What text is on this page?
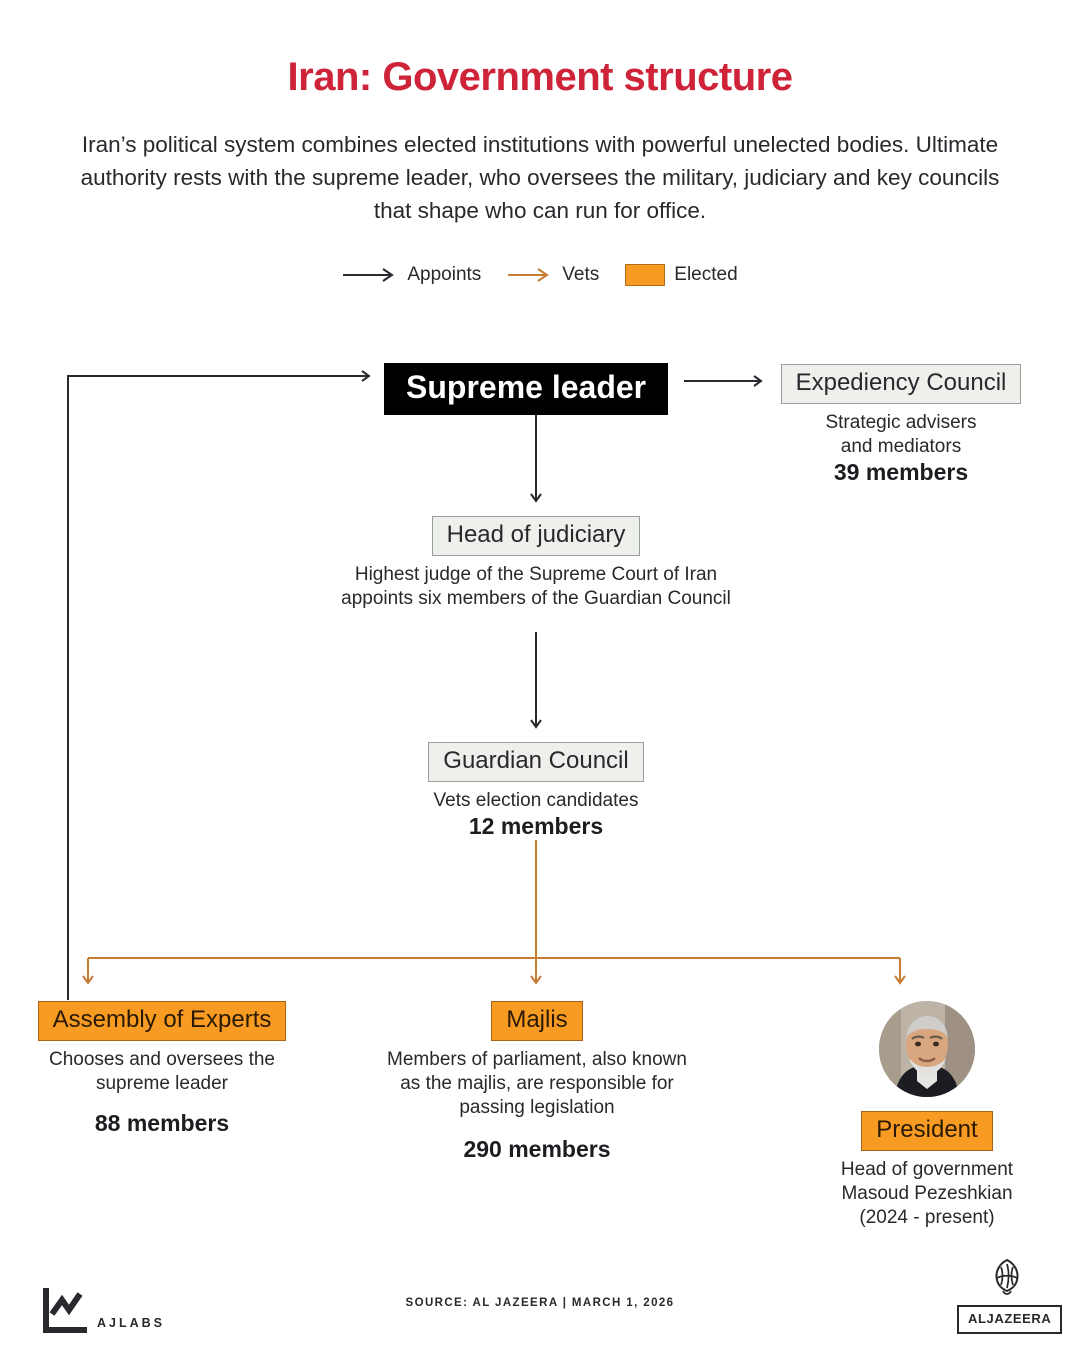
Iran: Government structure
Iran’s political system combines elected institutions with powerful unelected bodies. Ultimate authority rests with the supreme leader, who oversees the military, judiciary and key councils that shape who can run for office.
Appoints	Vets	Elected
Supreme leader	Expediency Council
Strategic advisers
and mediators
39 members
Head of judiciary
Highest judge of the Supreme Court of Iran appoints six members of the Guardian Council
Guardian Council
Vets election candidates
12 members
Assembly of Experts
Chooses and oversees the supreme leader
88 members
Majlis
Members of parliament, also known as the majlis, are responsible for passing legislation
290 members
President
Head of government
Masoud Pezeshkian
(2024 - present)
AJLABS
SOURCE: AL JAZEERA | MARCH 1, 2026
ALJAZEERA
